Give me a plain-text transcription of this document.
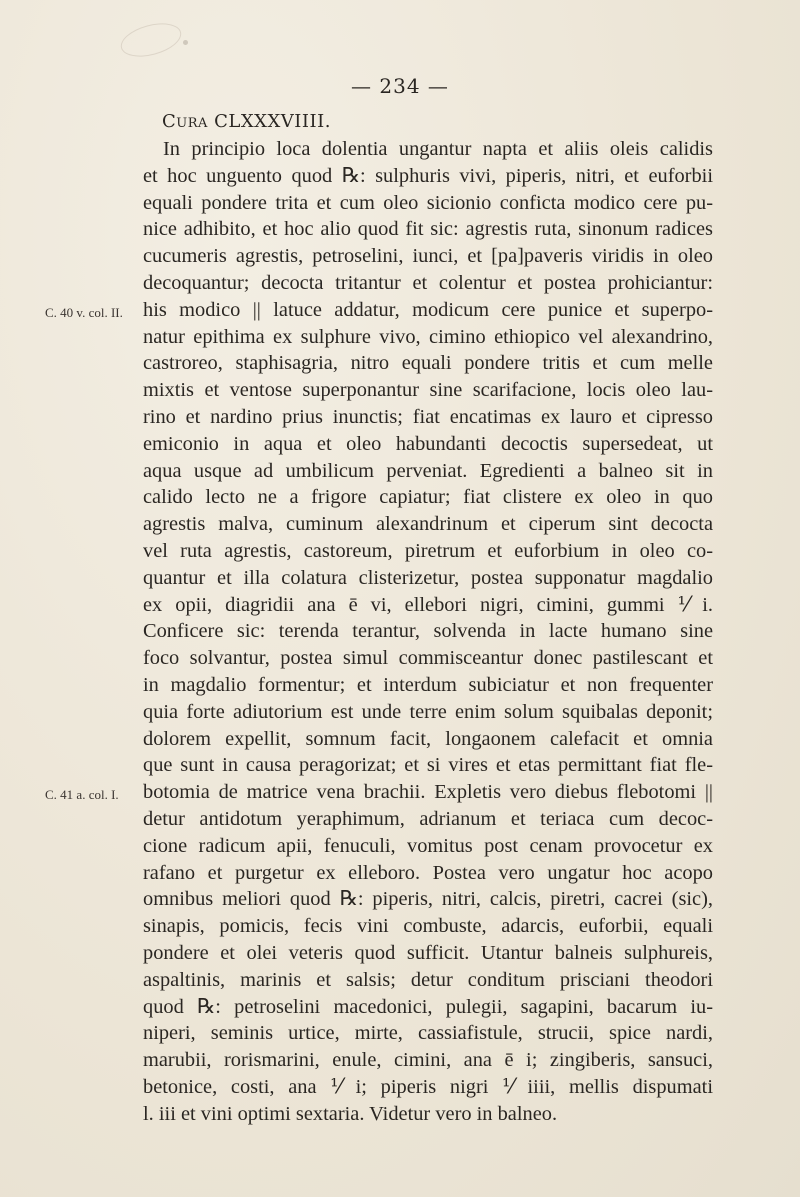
— 234 —
Cura CLXXXVIIII.
In principio loca dolentia ungantur napta et aliis oleis calidis
et hoc unguento quod ℞: sulphuris vivi, piperis, nitri, et euforbii
equali pondere trita et cum oleo sicionio conficta modico cere pu-
nice adhibito, et hoc alio quod fit sic: agrestis ruta, sinonum radices
cucumeris agrestis, petroselini, iunci, et [pa]paveris viridis in oleo
decoquantur; decocta tritantur et colentur et postea prohiciantur:
his modico || latuce addatur, modicum cere punice et superpo-
C. 40 v. col. II.
natur epithima ex sulphure vivo, cimino ethiopico vel alexandrino,
castroreo, staphisagria, nitro equali pondere tritis et cum melle
mixtis et ventose superponantur sine scarifacione, locis oleo lau-
rino et nardino prius inunctis; fiat encatimas ex lauro et cipresso
emiconio in aqua et oleo habundanti decoctis supersedeat, ut
aqua usque ad umbilicum perveniat. Egredienti a balneo sit in
calido lecto ne a frigore capiatur; fiat clistere ex oleo in quo
agrestis malva, cuminum alexandrinum et ciperum sint decocta
vel ruta agrestis, castoreum, piretrum et euforbium in oleo co-
quantur et illa colatura clisterizetur, postea supponatur magdalio
ex opii, diagridii ana ē vi, ellebori nigri, cimini, gummi ⅟ i.
Conficere sic: terenda terantur, solvenda in lacte humano sine
foco solvantur, postea simul commisceantur donec pastilescant et
in magdalio formentur; et interdum subiciatur et non frequenter
quia forte adiutorium est unde terre enim solum squibalas deponit;
dolorem expellit, somnum facit, longaonem calefacit et omnia
que sunt in causa peragorizat; et si vires et etas permittant fiat fle-
botomia de matrice vena brachii. Expletis vero diebus flebotomi ||
C. 41 a. col. I.
detur antidotum yeraphimum, adrianum et teriaca cum decoc-
cione radicum apii, fenuculi, vomitus post cenam provocetur ex
rafano et purgetur ex elleboro. Postea vero ungatur hoc acopo
omnibus meliori quod ℞: piperis, nitri, calcis, piretri, cacrei (sic),
sinapis, pomicis, fecis vini combuste, adarcis, euforbii, equali
pondere et olei veteris quod sufficit. Utantur balneis sulphureis,
aspaltinis, marinis et salsis; detur conditum prisciani theodori
quod ℞: petroselini macedonici, pulegii, sagapini, bacarum iu-
niperi, seminis urtice, mirte, cassiafistule, strucii, spice nardi,
marubii, rorismarini, enule, cimini, ana ē i; zingiberis, sansuci,
betonice, costi, ana ⅟ i; piperis nigri ⅟ iiii, mellis dispumati
l. iii et vini optimi sextaria. Videtur vero in balneo.
